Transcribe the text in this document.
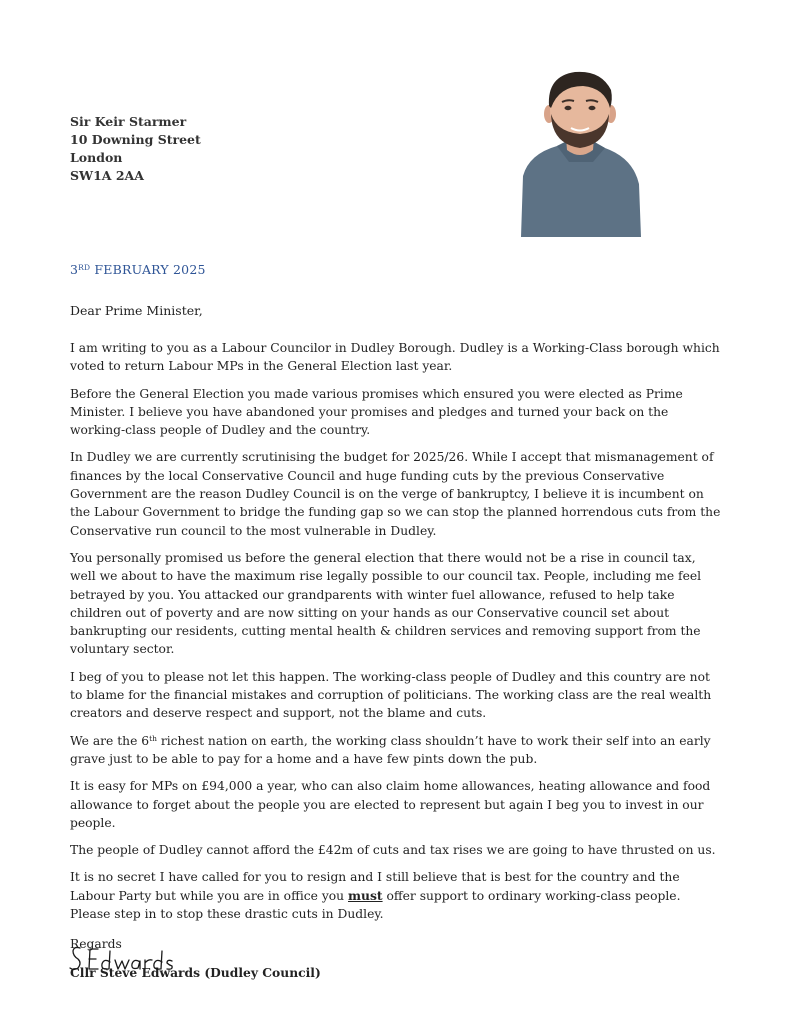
Sir Keir Starmer
10 Downing Street
London
SW1A 2AA
3RD FEBRUARY 2025
Dear Prime Minister,

I am writing to you as a Labour Councilor in Dudley Borough. Dudley is a Working-Class borough which voted to return Labour MPs in the General Election last year.

Before the General Election you made various promises which ensured you were elected as Prime Minister. I believe you have abandoned your promises and pledges and turned your back on the working-class people of Dudley and the country.

In Dudley we are currently scrutinising the budget for 2025/26. While I accept that mismanagement of finances by the local Conservative Council and huge funding cuts by the previous Conservative Government are the reason Dudley Council is on the verge of bankruptcy, I believe it is incumbent on the Labour Government to bridge the funding gap so we can stop the planned horrendous cuts from the Conservative run council to the most vulnerable in Dudley.

You personally promised us before the general election that there would not be a rise in council tax, well we about to have the maximum rise legally possible to our council tax. People, including me feel betrayed by you. You attacked our grandparents with winter fuel allowance, refused to help take children out of poverty and are now sitting on your hands as our Conservative council set about bankrupting our residents, cutting mental health & children services and removing support from the voluntary sector.

I beg of you to please not let this happen. The working-class people of Dudley and this country are not to blame for the financial mistakes and corruption of politicians. The working class are the real wealth creators and deserve respect and support, not the blame and cuts.

We are the 6th richest nation on earth, the working class shouldn’t have to work their self into an early grave just to be able to pay for a home and a have few pints down the pub.

It is easy for MPs on £94,000 a year, who can also claim home allowances, heating allowance and food allowance to forget about the people you are elected to represent but again I beg you to invest in our people.

The people of Dudley cannot afford the £42m of cuts and tax rises we are going to have thrusted on us.

It is no secret I have called for you to resign and I still believe that is best for the country and the Labour Party but while you are in office you must offer support to ordinary working-class people. Please step in to stop these drastic cuts in Dudley.

Regards

Cllr Steve Edwards (Dudley Council)
